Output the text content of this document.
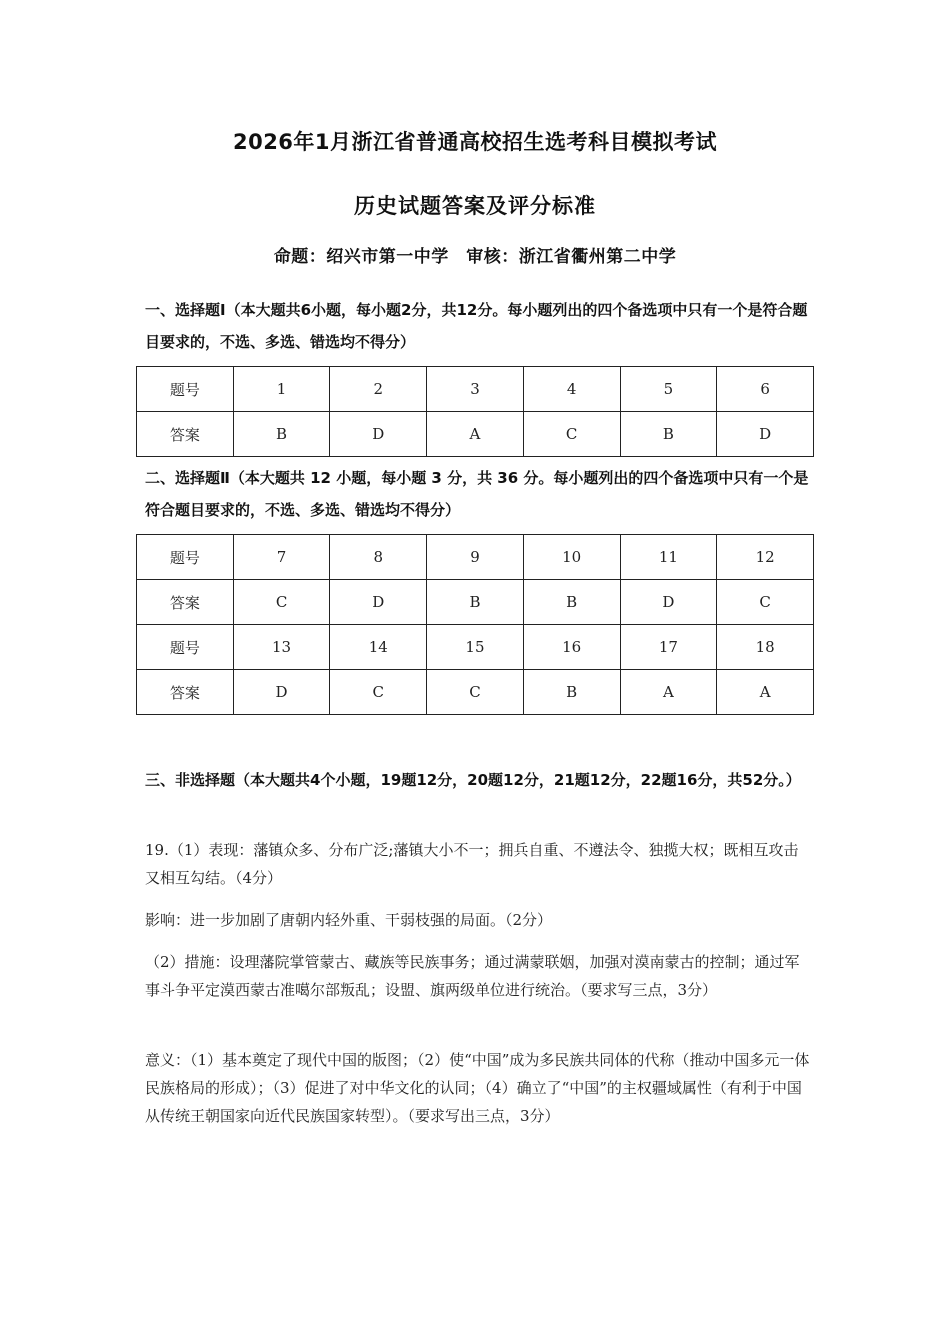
2026年1月浙江省普通高校招生选考科目模拟考试
历史试题答案及评分标准
命题：绍兴市第一中学　审核：浙江省衢州第二中学
一、选择题Ⅰ（本大题共6小题，每小题2分，共12分。每小题列出的四个备选项中只有一个是符合题目要求的，不选、多选、错选均不得分）
题号	1	2	3	4	5	6
答案	B	D	A	C	B	D
二、选择题Ⅱ（本大题共 12 小题，每小题 3 分，共 36 分。每小题列出的四个备选项中只有一个是符合题目要求的，不选、多选、错选均不得分）
题号	7	8	9	10	11	12
答案	C	D	B	B	D	C
题号	13	14	15	16	17	18
答案	D	C	C	B	A	A
三、非选择题（本大题共4个小题，19题12分，20题12分，21题12分，22题16分，共52分。）
19.（1）表现：藩镇众多、分布广泛;藩镇大小不一；拥兵自重、不遵法令、独揽大权；既相互攻击又相互勾结。（4分）
影响：进一步加剧了唐朝内轻外重、干弱枝强的局面。（2分）
（2）措施：设理藩院掌管蒙古、藏族等民族事务；通过满蒙联姻，加强对漠南蒙古的控制；通过军事斗争平定漠西蒙古准噶尔部叛乱；设盟、旗两级单位进行统治。（要求写三点，3分）
意义：（1）基本奠定了现代中国的版图；（2）使“中国”成为多民族共同体的代称（推动中国多元一体民族格局的形成）；（3）促进了对中华文化的认同；（4）确立了“中国”的主权疆域属性（有利于中国从传统王朝国家向近代民族国家转型）。（要求写出三点，3分）
